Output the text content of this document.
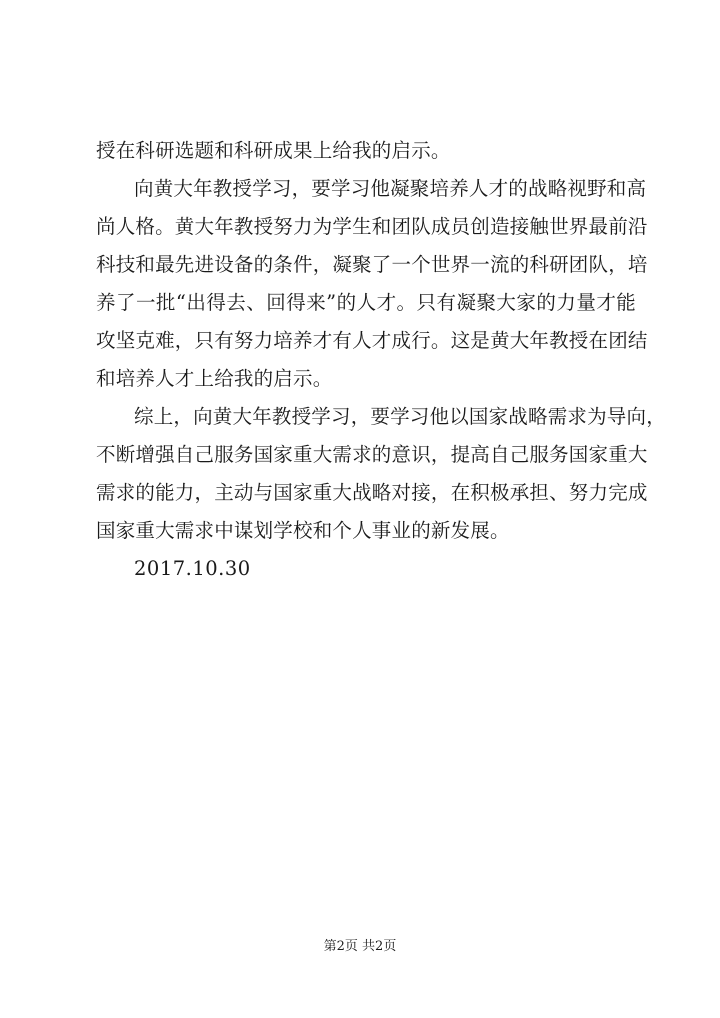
授在科研选题和科研成果上给我的启示。
向黄大年教授学习，要学习他凝聚培养人才的战略视野和高
尚人格。黄大年教授努力为学生和团队成员创造接触世界最前沿
科技和最先进设备的条件，凝聚了一个世界一流的科研团队，培
养了一批“出得去、回得来”的人才。只有凝聚大家的力量才能
攻坚克难，只有努力培养才有人才成行。这是黄大年教授在团结
和培养人才上给我的启示。
综上，向黄大年教授学习，要学习他以国家战略需求为导向，
不断增强自己服务国家重大需求的意识，提高自己服务国家重大
需求的能力，主动与国家重大战略对接，在积极承担、努力完成
国家重大需求中谋划学校和个人事业的新发展。
2017.10.30
第2页 共2页
